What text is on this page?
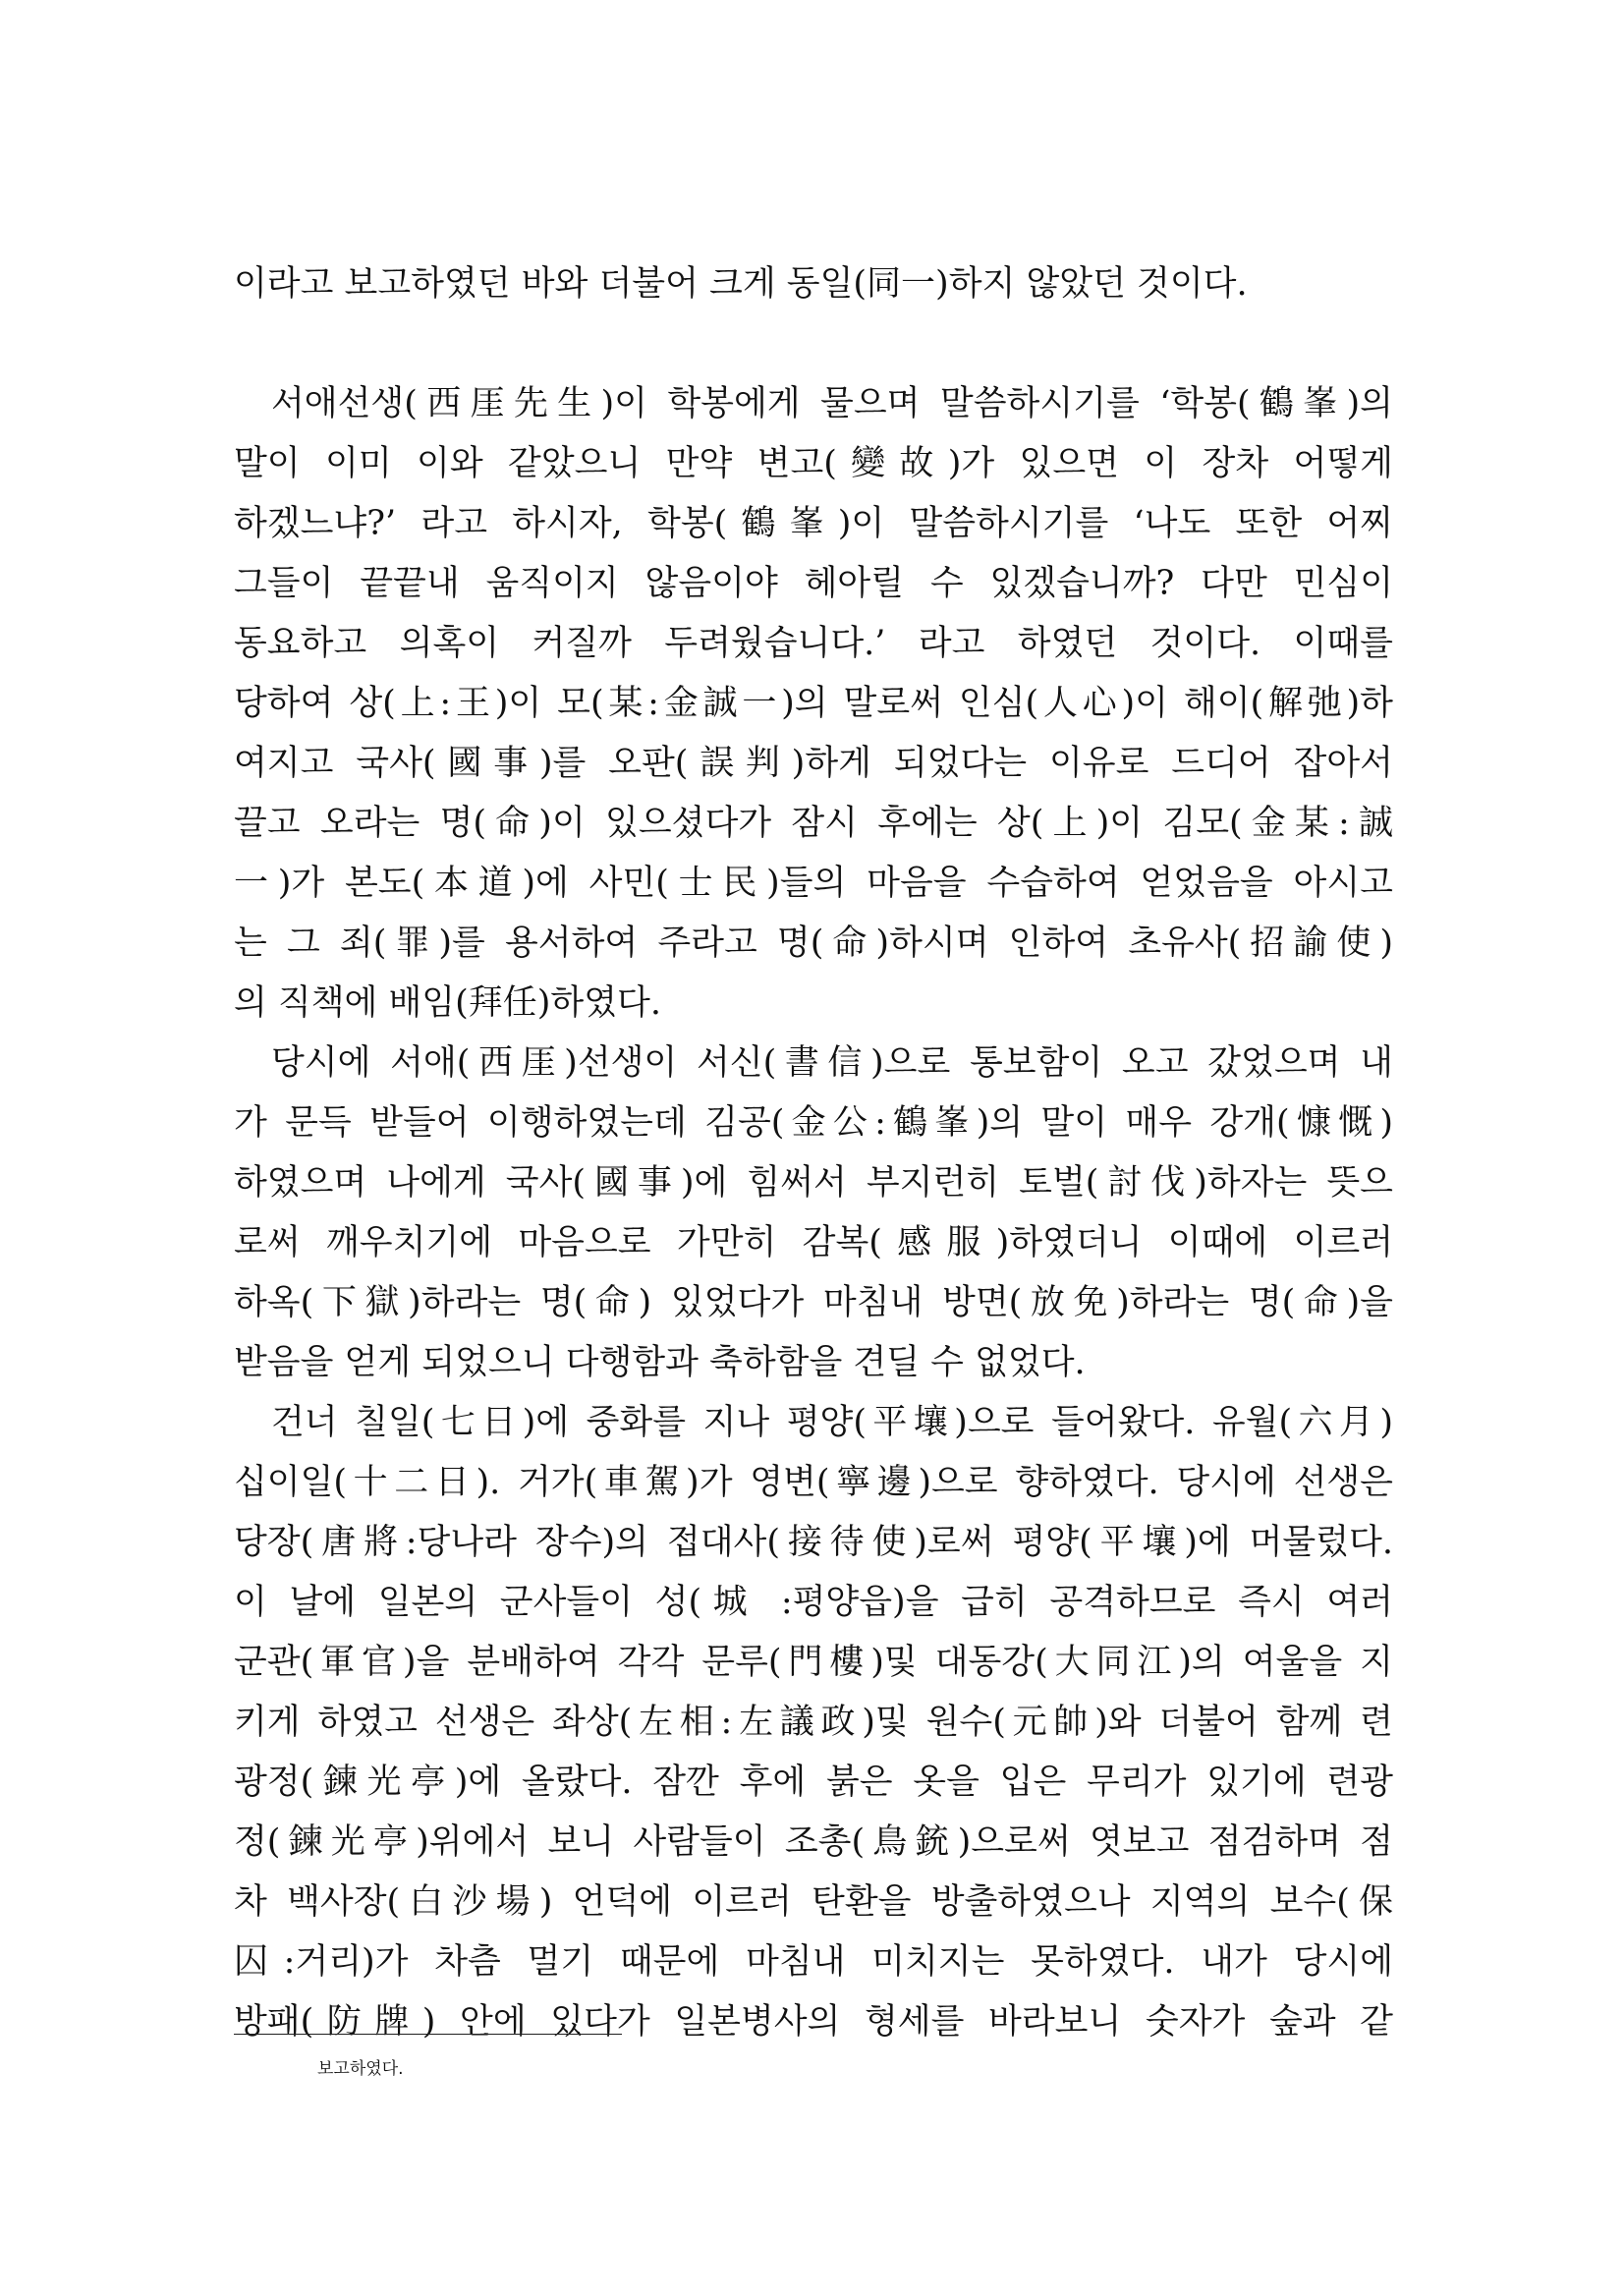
이라고 보고하였던 바와 더불어 크게 동일(同一)하지 않았던 것이다.
서애선생(西厓先生)이 학봉에게 물으며 말씀하시기를 ‘학봉(鶴峯)의
말이 이미 이와 같았으니 만약 변고(變故)가 있으면 이 장차 어떻게
하겠느냐?’ 라고 하시자, 학봉(鶴峯)이 말씀하시기를 ‘나도 또한 어찌
그들이 끝끝내 움직이지 않음이야 헤아릴 수 있겠습니까? 다만 민심이
동요하고 의혹이 커질까 두려웠습니다.’ 라고 하였던 것이다. 이때를
당하여 상(上:王)이 모(某:金誠一)의 말로써 인심(人心)이 해이(解弛)하
여지고 국사(國事)를 오판(誤判)하게 되었다는 이유로 드디어 잡아서
끌고 오라는 명(命)이 있으셨다가 잠시 후에는 상(上)이 김모(金某:誠
一)가 본도(本道)에 사민(士民)들의 마음을 수습하여 얻었음을 아시고
는 그 죄(罪)를 용서하여 주라고 명(命)하시며 인하여 초유사(招諭使)
의 직책에 배임(拜任)하였다.
당시에 서애(西厓)선생이 서신(書信)으로 통보함이 오고 갔었으며 내
가 문득 받들어 이행하였는데 김공(金公:鶴峯)의 말이 매우 강개(慷慨)
하였으며 나에게 국사(國事)에 힘써서 부지런히 토벌(討伐)하자는 뜻으
로써 깨우치기에 마음으로 가만히 감복(感服)하였더니 이때에 이르러
하옥(下獄)하라는 명(命) 있었다가 마침내 방면(放免)하라는 명(命)을
받음을 얻게 되었으니 다행함과 축하함을 견딜 수 없었다.
건너 칠일(七日)에 중화를 지나 평양(平壤)으로 들어왔다. 유월(六月)
십이일(十二日). 거가(車駕)가 영변(寧邊)으로 향하였다. 당시에 선생은
당장(唐將:당나라 장수)의 접대사(接待使)로써 평양(平壤)에 머물렀다.
이 날에 일본의 군사들이 성(城 :평양읍)을 급히 공격하므로 즉시 여러
군관(軍官)을 분배하여 각각 문루(門樓)및 대동강(大同江)의 여울을 지
키게 하였고 선생은 좌상(左相:左議政)및 원수(元帥)와 더불어 함께 련
광정(鍊光亭)에 올랐다. 잠깐 후에 붉은 옷을 입은 무리가 있기에 련광
정(鍊光亭)위에서 보니 사람들이 조총(鳥銃)으로써 엿보고 점검하며 점
차 백사장(白沙場) 언덕에 이르러 탄환을 방출하였으나 지역의 보수(保
囚:거리)가 차츰 멀기 때문에 마침내 미치지는 못하였다. 내가 당시에
방패(防牌) 안에 있다가 일본병사의 형세를 바라보니 숫자가 숲과 같
보고하였다.
